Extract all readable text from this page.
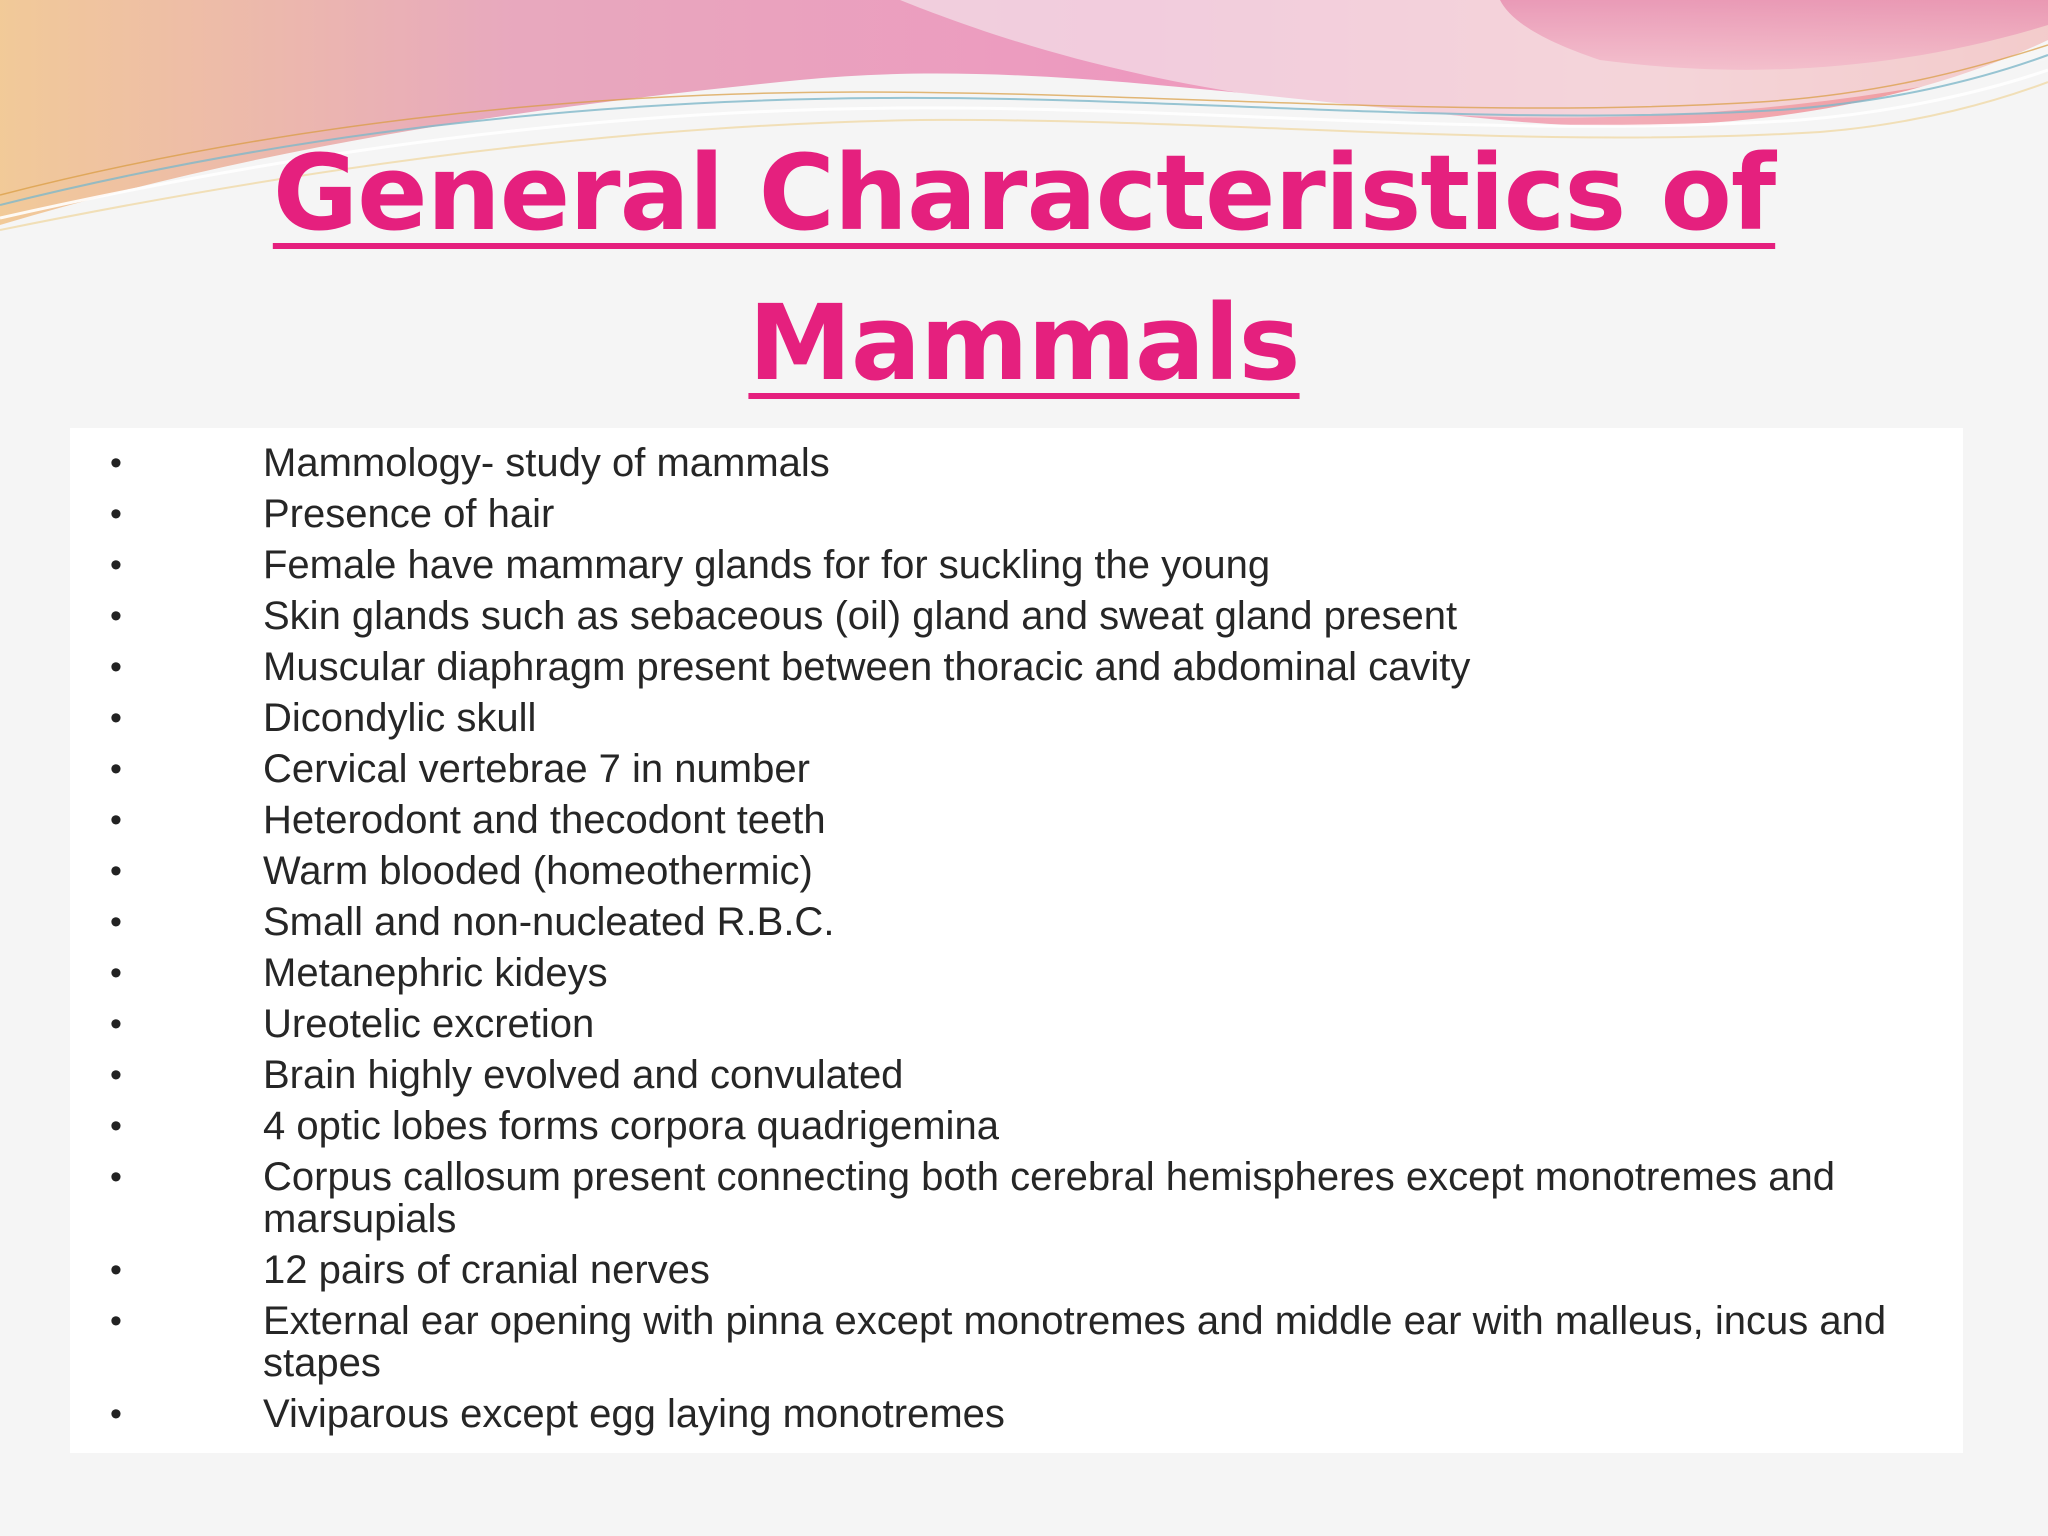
General Characteristics of Mammals
•	Mammology- study of mammals
•	Presence of hair
•	Female have mammary glands for for suckling the young
•	Skin glands such as sebaceous (oil) gland and sweat gland present
•	Muscular diaphragm present between thoracic and abdominal cavity
•	Dicondylic skull
•	Cervical vertebrae 7 in number
•	Heterodont and thecodont teeth
•	Warm blooded (homeothermic)
•	Small and non-nucleated R.B.C.
•	Metanephric kideys
•	Ureotelic excretion
•	Brain highly evolved and convulated
•	4 optic lobes forms corpora quadrigemina
•	Corpus callosum present connecting both cerebral hemispheres except monotremes and marsupials
•	12 pairs of cranial nerves
•	External ear opening with pinna except monotremes and middle ear with malleus, incus and stapes
•	Viviparous except egg laying monotremes
